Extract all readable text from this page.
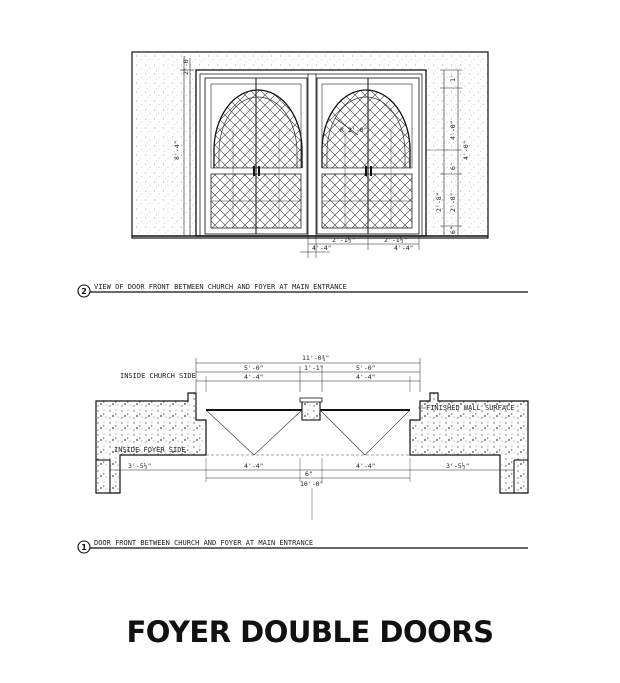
R 2'-0"
8'-4"
2'-0"
1'
4'-0"
4'-0"
6'
2'-8" 2'-8"
6"
2'-1½"	2'-1½"
4'-4"	4'-4"
2 VIEW OF DOOR FRONT BETWEEN CHURCH AND FOYER AT MAIN ENTRANCE
11'-0¾"
5'-0"	1'-1"	5'-0"
4'-4"	4'-4"
INSIDE CHURCH SIDE
3'-5½"	3'-5½"
4'-4"	4'-4"
6"
10'-0"
1 DOOR FRONT BETWEEN CHURCH AND FOYER AT MAIN ENTRANCE
FOYER DOUBLE DOORS
